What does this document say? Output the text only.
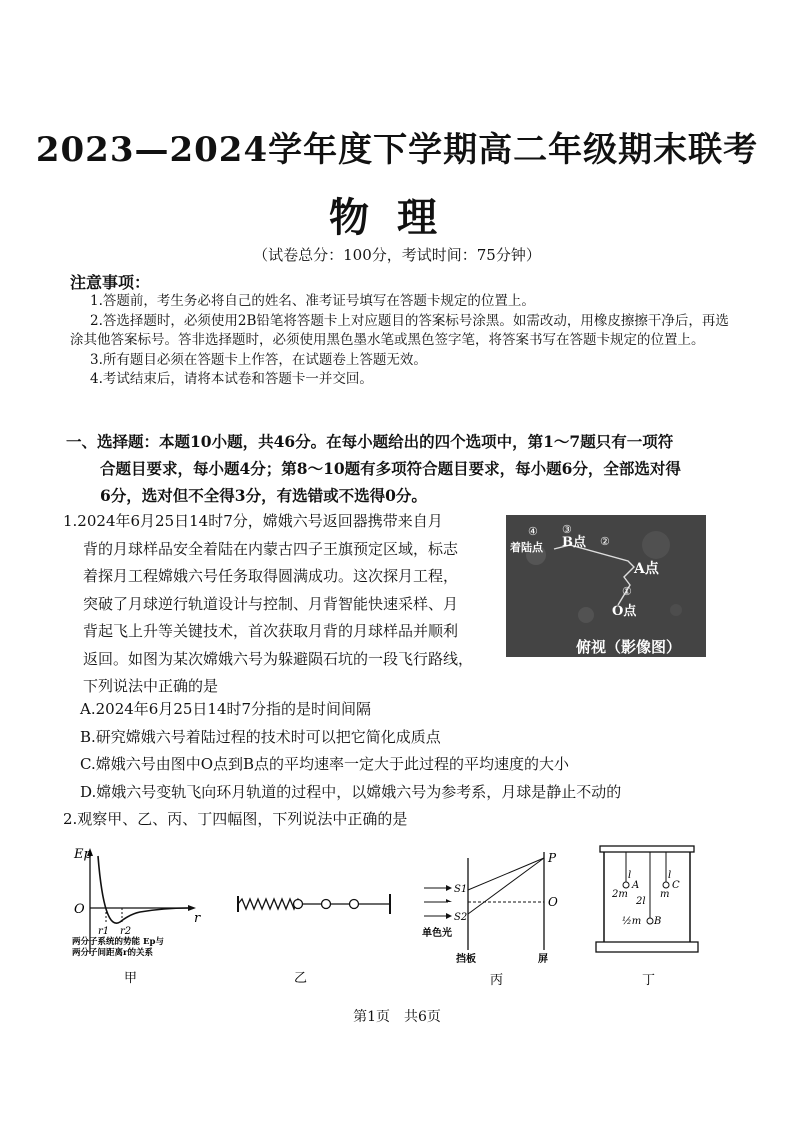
2023—2024学年度下学期高二年级期末联考
物理
（试卷总分：100分，考试时间：75分钟）
注意事项：

1.答题前，考生务必将自己的姓名、准考证号填写在答题卡规定的位置上。

2.答选择题时，必须使用2B铅笔将答题卡上对应题目的答案标号涂黑。如需改动，用橡皮擦擦干净后，再选涂其他答案标号。答非选择题时，必须使用黑色墨水笔或黑色签字笔，将答案书写在答题卡规定的位置上。

3.所有题目必须在答题卡上作答，在试题卷上答题无效。

4.考试结束后，请将本试卷和答题卡一并交回。

一、选择题：本题10小题，共46分。在每小题给出的四个选项中，第1～7题只有一项符
合题目要求，每小题4分；第8～10题有多项符合题目要求，每小题6分，全部选对得
6分，选对但不全得3分，有选错或不选得0分。
1.2024年6月25日14时7分，嫦娥六号返回器携带来自月
背的月球样品安全着陆在内蒙古四子王旗预定区域，标志
着探月工程嫦娥六号任务取得圆满成功。这次探月工程，
突破了月球逆行轨道设计与控制、月背智能快速采样、月
背起飞上升等关键技术，首次获取月背的月球样品并顺利
返回。如图为某次嫦娥六号为躲避陨石坑的一段飞行路线，
下列说法中正确的是
着陆点
④ ③
B点 ②
A点
①
O点
俯视（影像图）
A.2024年6月25日14时7分指的是时间间隔
B.研究嫦娥六号着陆过程的技术时可以把它简化成质点
C.嫦娥六号由图中O点到B点的平均速率一定大于此过程的平均速度的大小
D.嫦娥六号变轨飞向环月轨道的过程中，以嫦娥六号为参考系，月球是静止不动的
2.观察甲、乙、丙、丁四幅图，下列说法中正确的是
Ep
O
r
r1 r2
两分子系统的势能 Ep与
两分子间距离r的关系
甲	乙
S1
S2
P
O
单色光
挡板	屏
丙
l
A
2m
2l
l
C
m
½m B
丁
第1页　共6页
